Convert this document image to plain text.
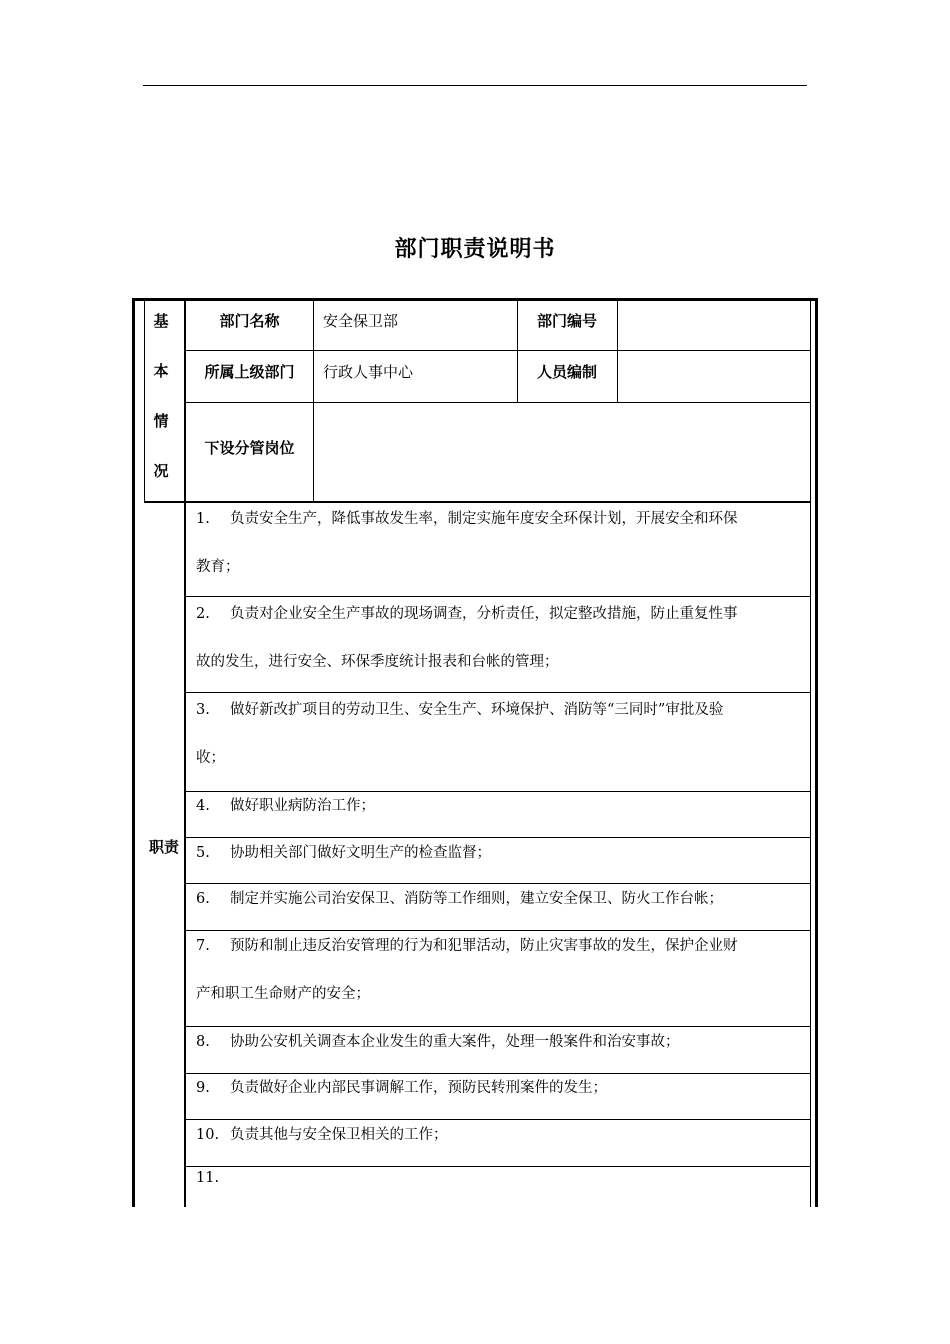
部门职责说明书
基
本
情
况
部门名称	安全保卫部	部门编号
所属上级部门	行政人事中心	人员编制
下设分管岗位
职责
1. 负责安全生产，降低事故发生率，制定实施年度安全环保计划，开展安全和环保
教育；
2. 负责对企业安全生产事故的现场调查，分析责任，拟定整改措施，防止重复性事
故的发生，进行安全、环保季度统计报表和台帐的管理；
3. 做好新改扩项目的劳动卫生、安全生产、环境保护、消防等“三同时”审批及验
收；
4. 做好职业病防治工作；
5. 协助相关部门做好文明生产的检查监督；
6. 制定并实施公司治安保卫、消防等工作细则，建立安全保卫、防火工作台帐；
7. 预防和制止违反治安管理的行为和犯罪活动，防止灾害事故的发生，保护企业财
产和职工生命财产的安全；
8. 协助公安机关调查本企业发生的重大案件，处理一般案件和治安事故；
9. 负责做好企业内部民事调解工作，预防民转刑案件的发生；
10. 负责其他与安全保卫相关的工作；
11.
